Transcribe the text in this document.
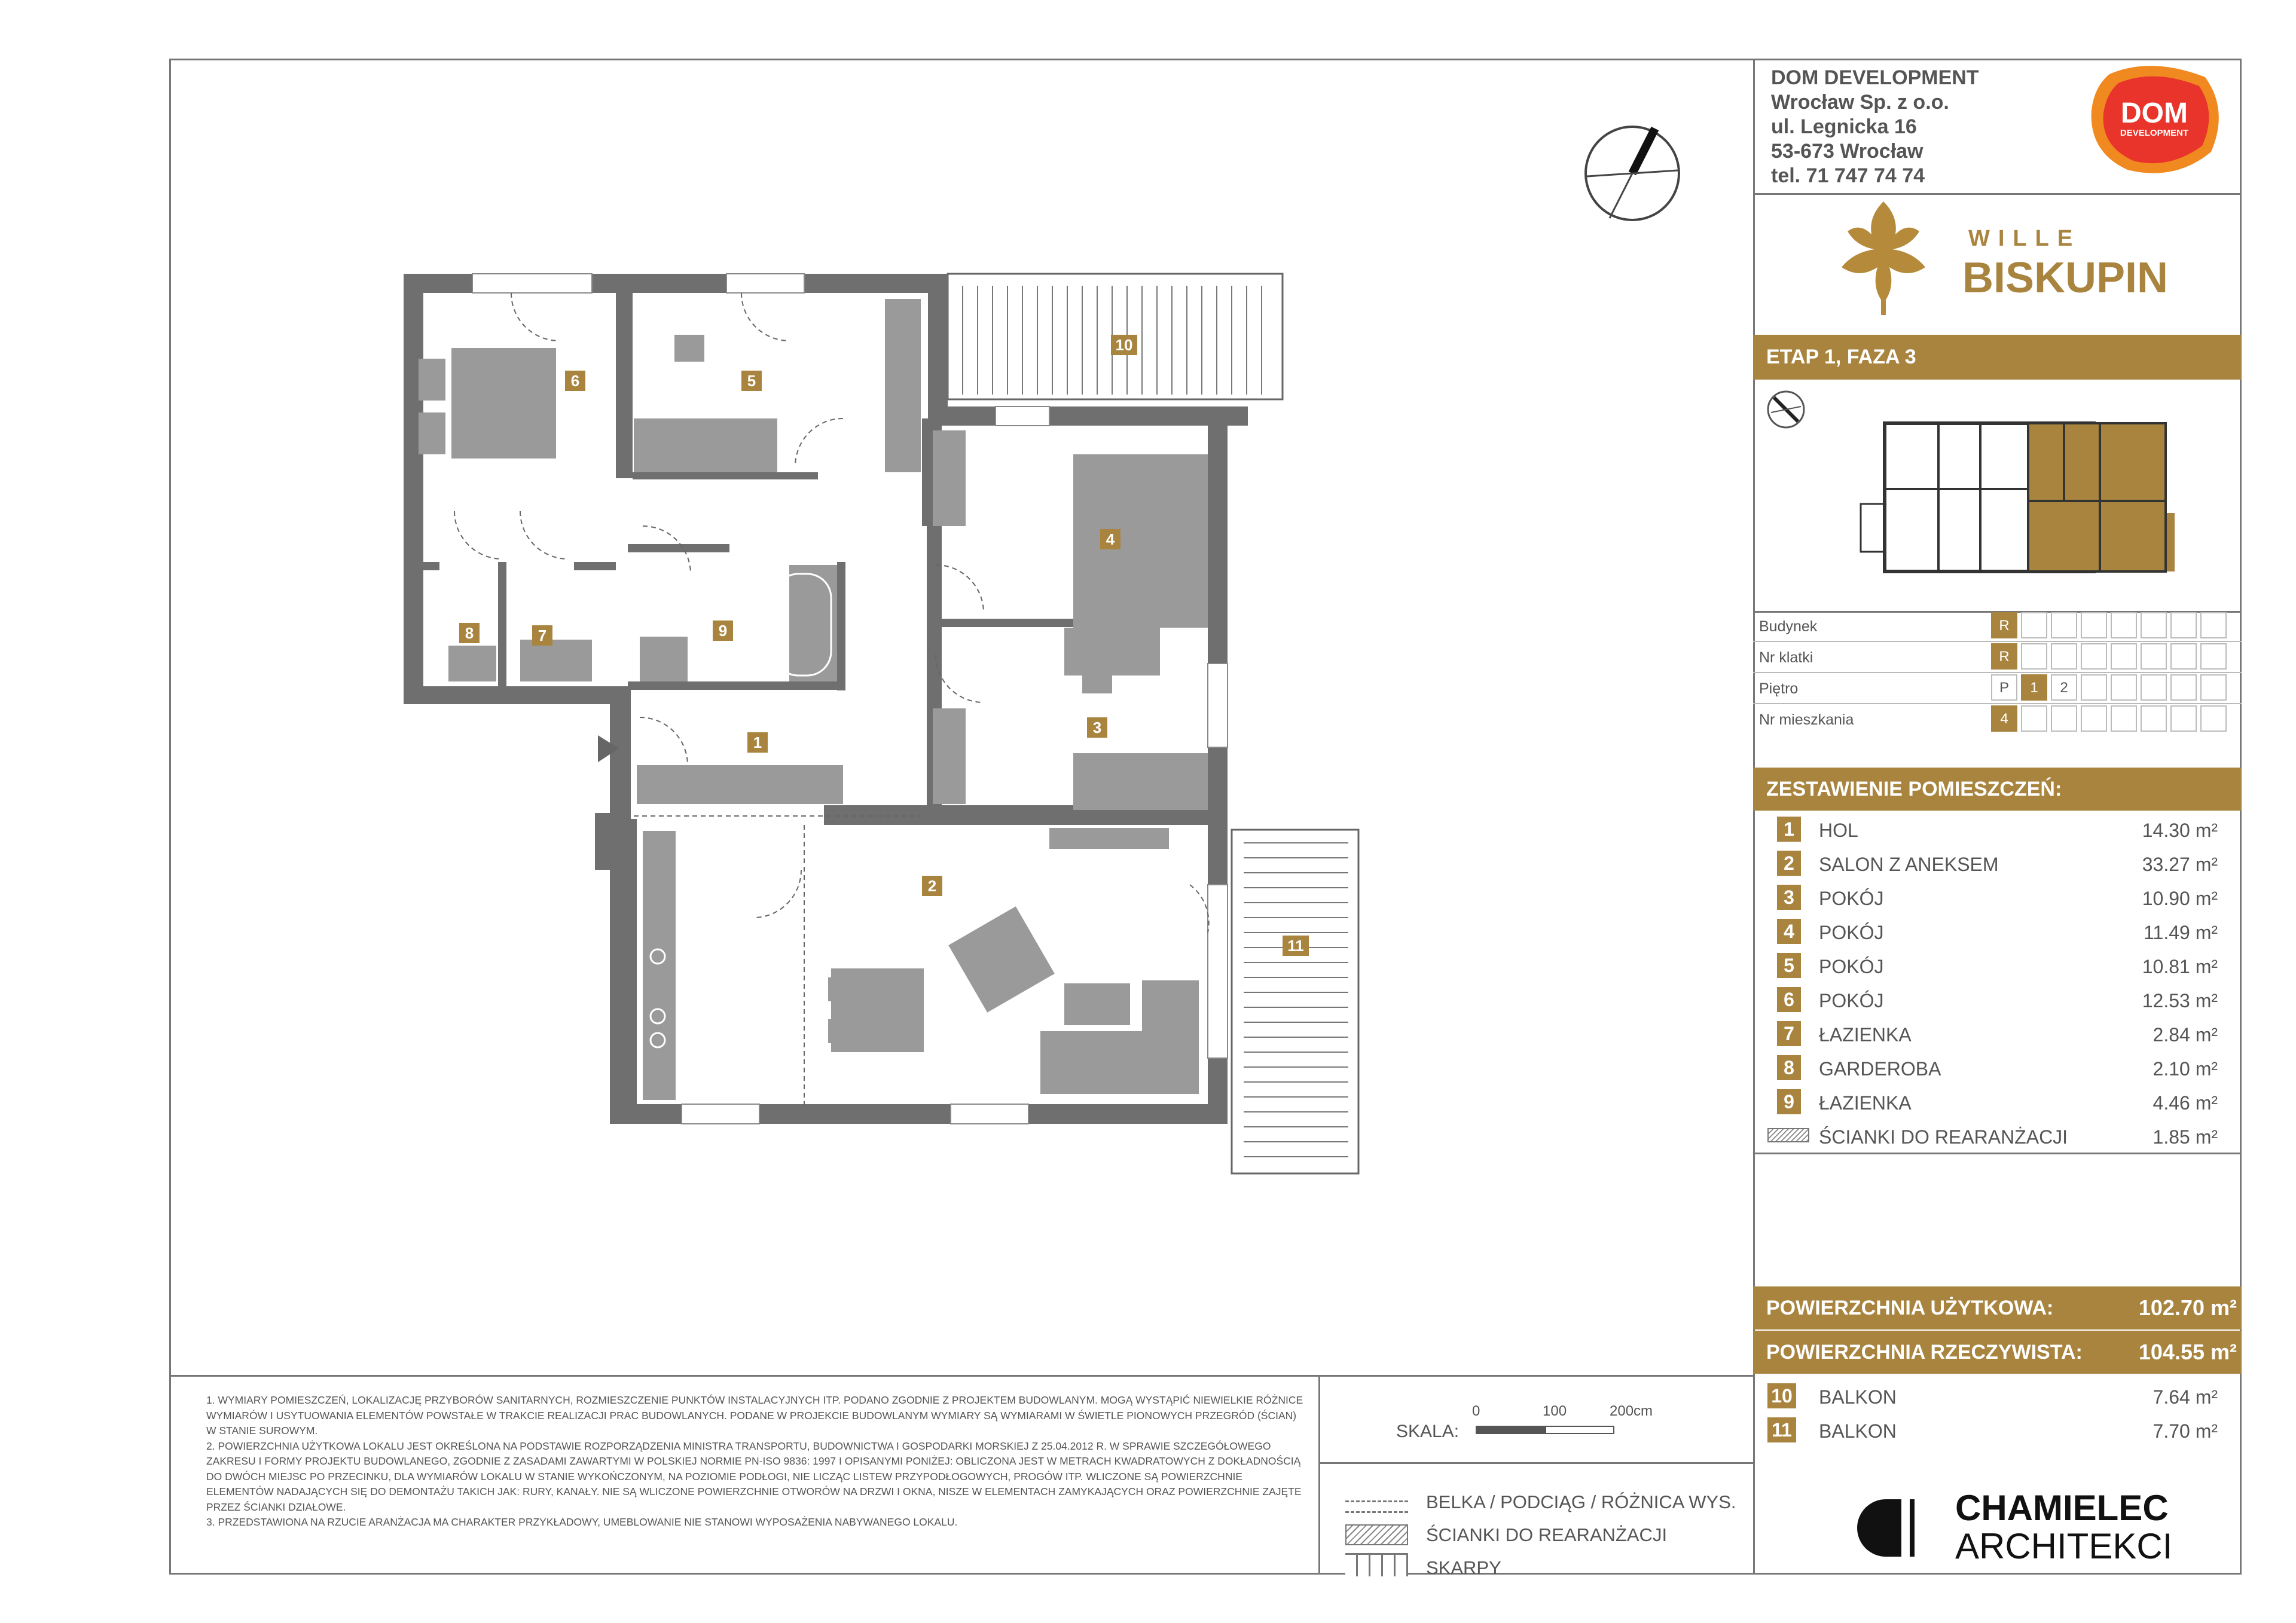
DOM DEVELOPMENT
Wrocław Sp. z o.o.
ul. Legnicka 16
53-673 Wrocław
tel. 71 747 74 74
DOM
DEVELOPMENT
WILLE
BISKUPIN
ETAP 1, FAZA 3
Budynek	R
Nr klatki	R
Piętro	P	1	2
Nr mieszkania	4
ZESTAWIENIE POMIESZCZEŃ:
1	HOL	14.30 m²
2	SALON Z ANEKSEM	33.27 m²
3	POKÓJ	10.90 m²
4	POKÓJ	11.49 m²
5	POKÓJ	10.81 m²
6	POKÓJ	12.53 m²
7	ŁAZIENKA	2.84 m²
8	GARDEROBA	2.10 m²
9	ŁAZIENKA	4.46 m²
ŚCIANKI DO REARANŻACJI	1.85 m²
POWIERZCHNIA UŻYTKOWA:	102.70 m²
POWIERZCHNIA RZECZYWISTA:	104.55 m²
10 BALKON	7.64 m²
11 BALKON	7.70 m²
1
2
3
4
5
6
7
8	9
10
11
1. WYMIARY POMIESZCZEŃ, LOKALIZACJĘ PRZYBORÓW SANITARNYCH, ROZMIESZCZENIE PUNKTÓW INSTALACYJNYCH ITP. PODANO ZGODNIE Z PROJEKTEM BUDOWLANYM. MOGĄ WYSTĄPIĆ NIEWIELKIE RÓŻNICE WYMIARÓW I USYTUOWANIA ELEMENTÓW POWSTAŁE W TRAKCIE REALIZACJI PRAC BUDOWLANYCH. PODANE W PROJEKCIE BUDOWLANYM WYMIARY SĄ WYMIARAMI W ŚWIETLE PIONOWYCH PRZEGRÓD (ŚCIAN) W STANIE SUROWYM.
2. POWIERZCHNIA UŻYTKOWA LOKALU JEST OKREŚLONA NA PODSTAWIE ROZPORZĄDZENIA MINISTRA TRANSPORTU, BUDOWNICTWA I GOSPODARKI MORSKIEJ Z 25.04.2012 R. W SPRAWIE SZCZEGÓŁOWEGO ZAKRESU I FORMY PROJEKTU BUDOWLANEGO, ZGODNIE Z ZASADAMI ZAWARTYMI W POLSKIEJ NORMIE PN-ISO 9836: 1997 I OPISANYMI PONIŻEJ: OBLICZONA JEST W METRACH KWADRATOWYCH Z DOKŁADNOŚCIĄ DO DWÓCH MIEJSC PO PRZECINKU, DLA WYMIARÓW LOKALU W STANIE WYKOŃCZONYM, NA POZIOMIE PODŁOGI, NIE LICZĄC LISTEW PRZYPODŁOGOWYCH, PROGÓW ITP. WLICZONE SĄ POWIERZCHNIE ELEMENTÓW NADAJĄCYCH SIĘ DO DEMONTAŻU TAKICH JAK: RURY, KANAŁY. NIE SĄ WLICZONE POWIERZCHNIE OTWORÓW NA DRZWI I OKNA, NISZE W ELEMENTACH ZAMYKAJĄCYCH ORAZ POWIERZCHNIE ZAJĘTE PRZEZ ŚCIANKI DZIAŁOWE.
3. PRZEDSTAWIONA NA RZUCIE ARANŻACJA MA CHARAKTER PRZYKŁADOWY, UMEBLOWANIE NIE STANOWI WYPOSAŻENIA NABYWANEGO LOKALU.
SKALA:
0	100	200cm
BELKA / PODCIĄG / RÓŻNICA WYS.
ŚCIANKI DO REARANŻACJI
SKARPY
CHAMIELEC
ARCHITEKCI
